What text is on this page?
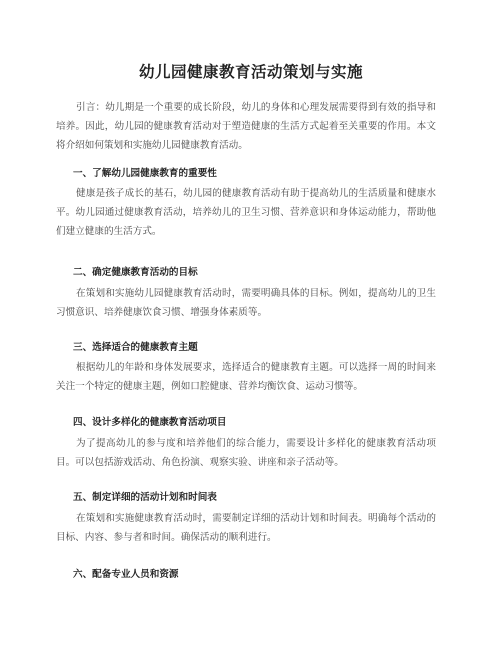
幼儿园健康教育活动策划与实施

引言：幼儿期是一个重要的成长阶段，幼儿的身体和心理发展需要得到有效的指导和培养。因此，幼儿园的健康教育活动对于塑造健康的生活方式起着至关重要的作用。本文将介绍如何策划和实施幼儿园健康教育活动。

一、了解幼儿园健康教育的重要性

健康是孩子成长的基石，幼儿园的健康教育活动有助于提高幼儿的生活质量和健康水平。幼儿园通过健康教育活动，培养幼儿的卫生习惯、营养意识和身体运动能力，帮助他们建立健康的生活方式。

二、确定健康教育活动的目标

在策划和实施幼儿园健康教育活动时，需要明确具体的目标。例如，提高幼儿的卫生习惯意识、培养健康饮食习惯、增强身体素质等。

三、选择适合的健康教育主题

根据幼儿的年龄和身体发展要求，选择适合的健康教育主题。可以选择一周的时间来关注一个特定的健康主题，例如口腔健康、营养均衡饮食、运动习惯等。

四、设计多样化的健康教育活动项目

为了提高幼儿的参与度和培养他们的综合能力，需要设计多样化的健康教育活动项目。可以包括游戏活动、角色扮演、观察实验、讲座和亲子活动等。

五、制定详细的活动计划和时间表

在策划和实施健康教育活动时，需要制定详细的活动计划和时间表。明确每个活动的目标、内容、参与者和时间。确保活动的顺利进行。

六、配备专业人员和资源
